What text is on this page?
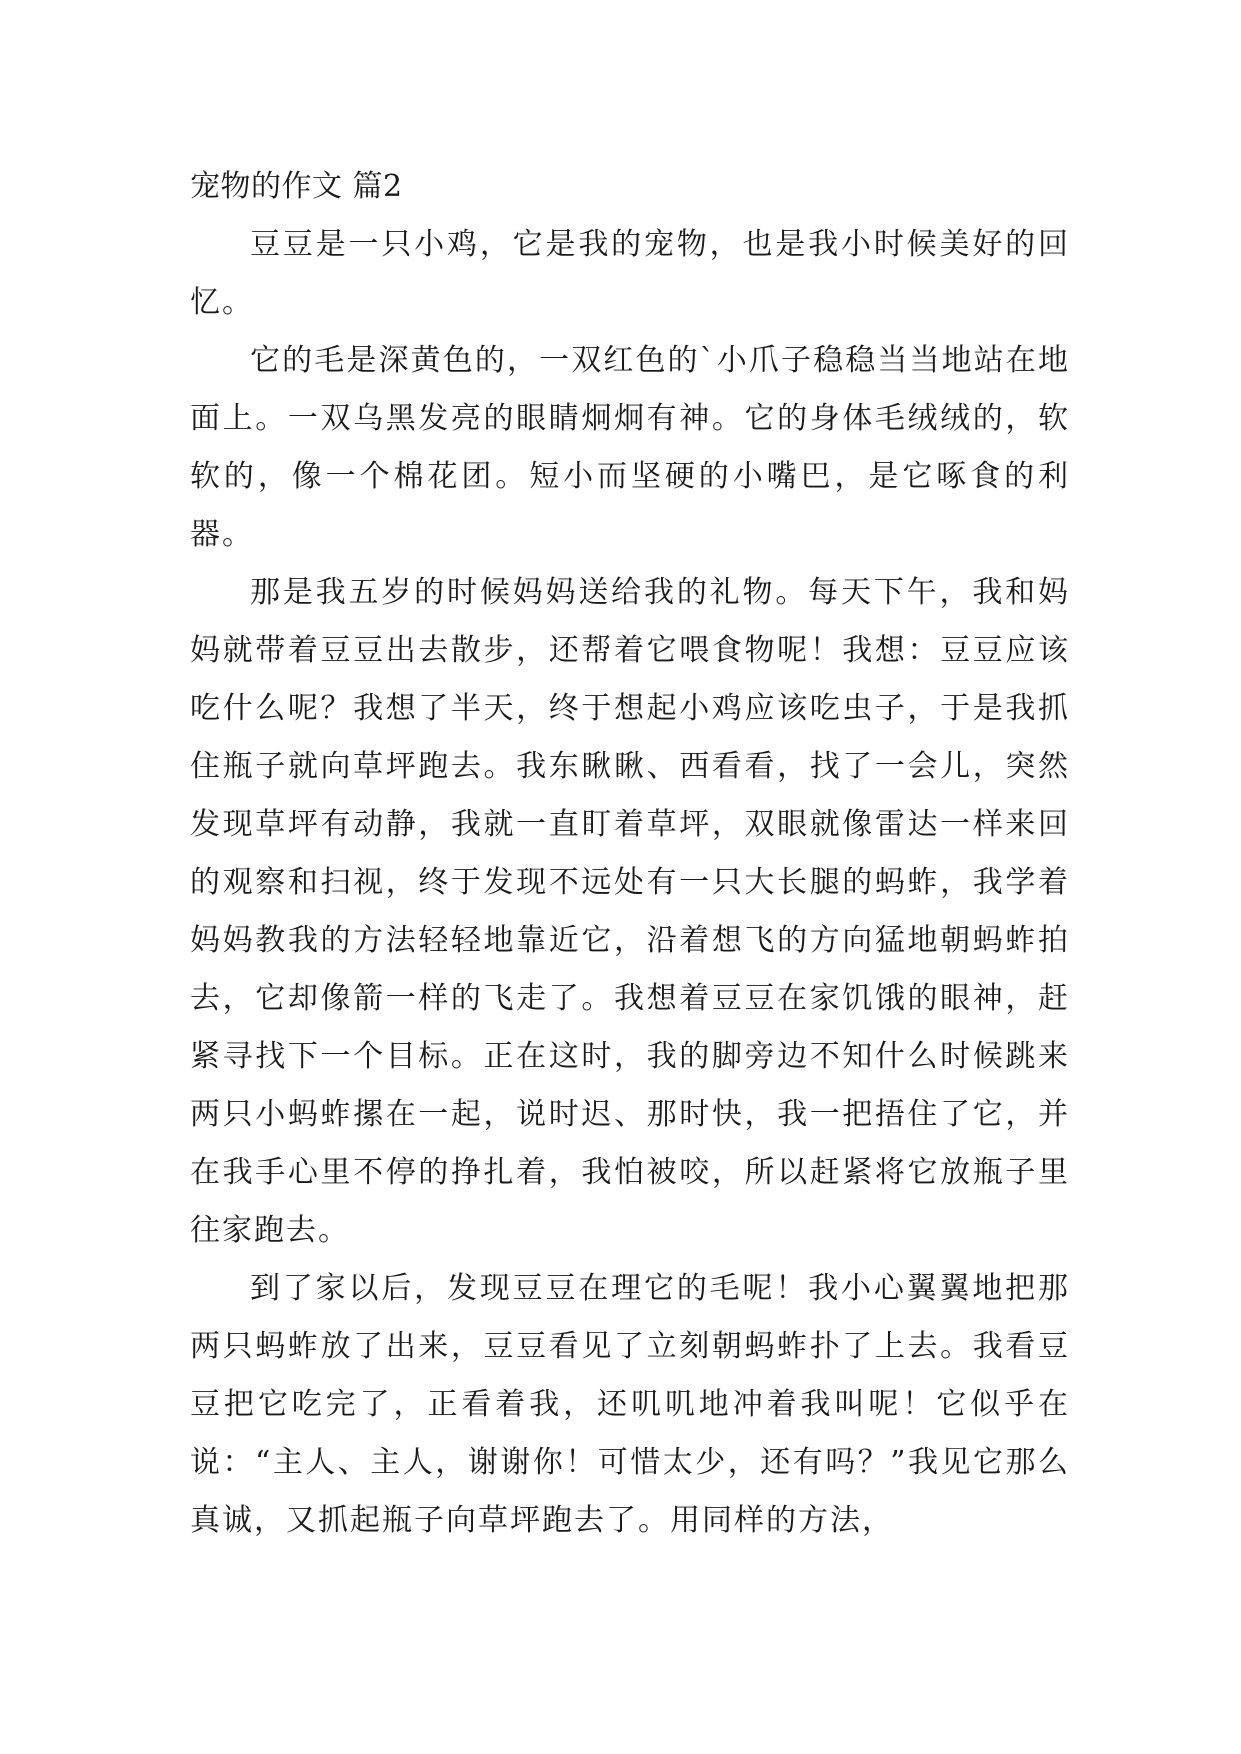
宠物的作文 篇2

豆豆是一只小鸡，它是我的宠物，也是我小时候美好的回忆。

它的毛是深黄色的，一双红色的`小爪子稳稳当当地站在地面上。一双乌黑发亮的眼睛炯炯有神。它的身体毛绒绒的，软软的，像一个棉花团。短小而坚硬的小嘴巴，是它啄食的利器。

那是我五岁的时候妈妈送给我的礼物。每天下午，我和妈妈就带着豆豆出去散步，还帮着它喂食物呢！我想：豆豆应该吃什么呢？我想了半天，终于想起小鸡应该吃虫子，于是我抓住瓶子就向草坪跑去。我东瞅瞅、西看看，找了一会儿，突然发现草坪有动静，我就一直盯着草坪，双眼就像雷达一样来回的观察和扫视，终于发现不远处有一只大长腿的蚂蚱，我学着妈妈教我的方法轻轻地靠近它，沿着想飞的方向猛地朝蚂蚱拍去，它却像箭一样的飞走了。我想着豆豆在家饥饿的眼神，赶紧寻找下一个目标。正在这时，我的脚旁边不知什么时候跳来两只小蚂蚱摞在一起，说时迟、那时快，我一把捂住了它，并在我手心里不停的挣扎着，我怕被咬，所以赶紧将它放瓶子里往家跑去。

到了家以后，发现豆豆在理它的毛呢！我小心翼翼地把那两只蚂蚱放了出来，豆豆看见了立刻朝蚂蚱扑了上去。我看豆豆把它吃完了，正看着我，还叽叽地冲着我叫呢！它似乎在说：“主人、主人，谢谢你！可惜太少，还有吗？”我见它那么真诚，又抓起瓶子向草坪跑去了。用同样的方法，
